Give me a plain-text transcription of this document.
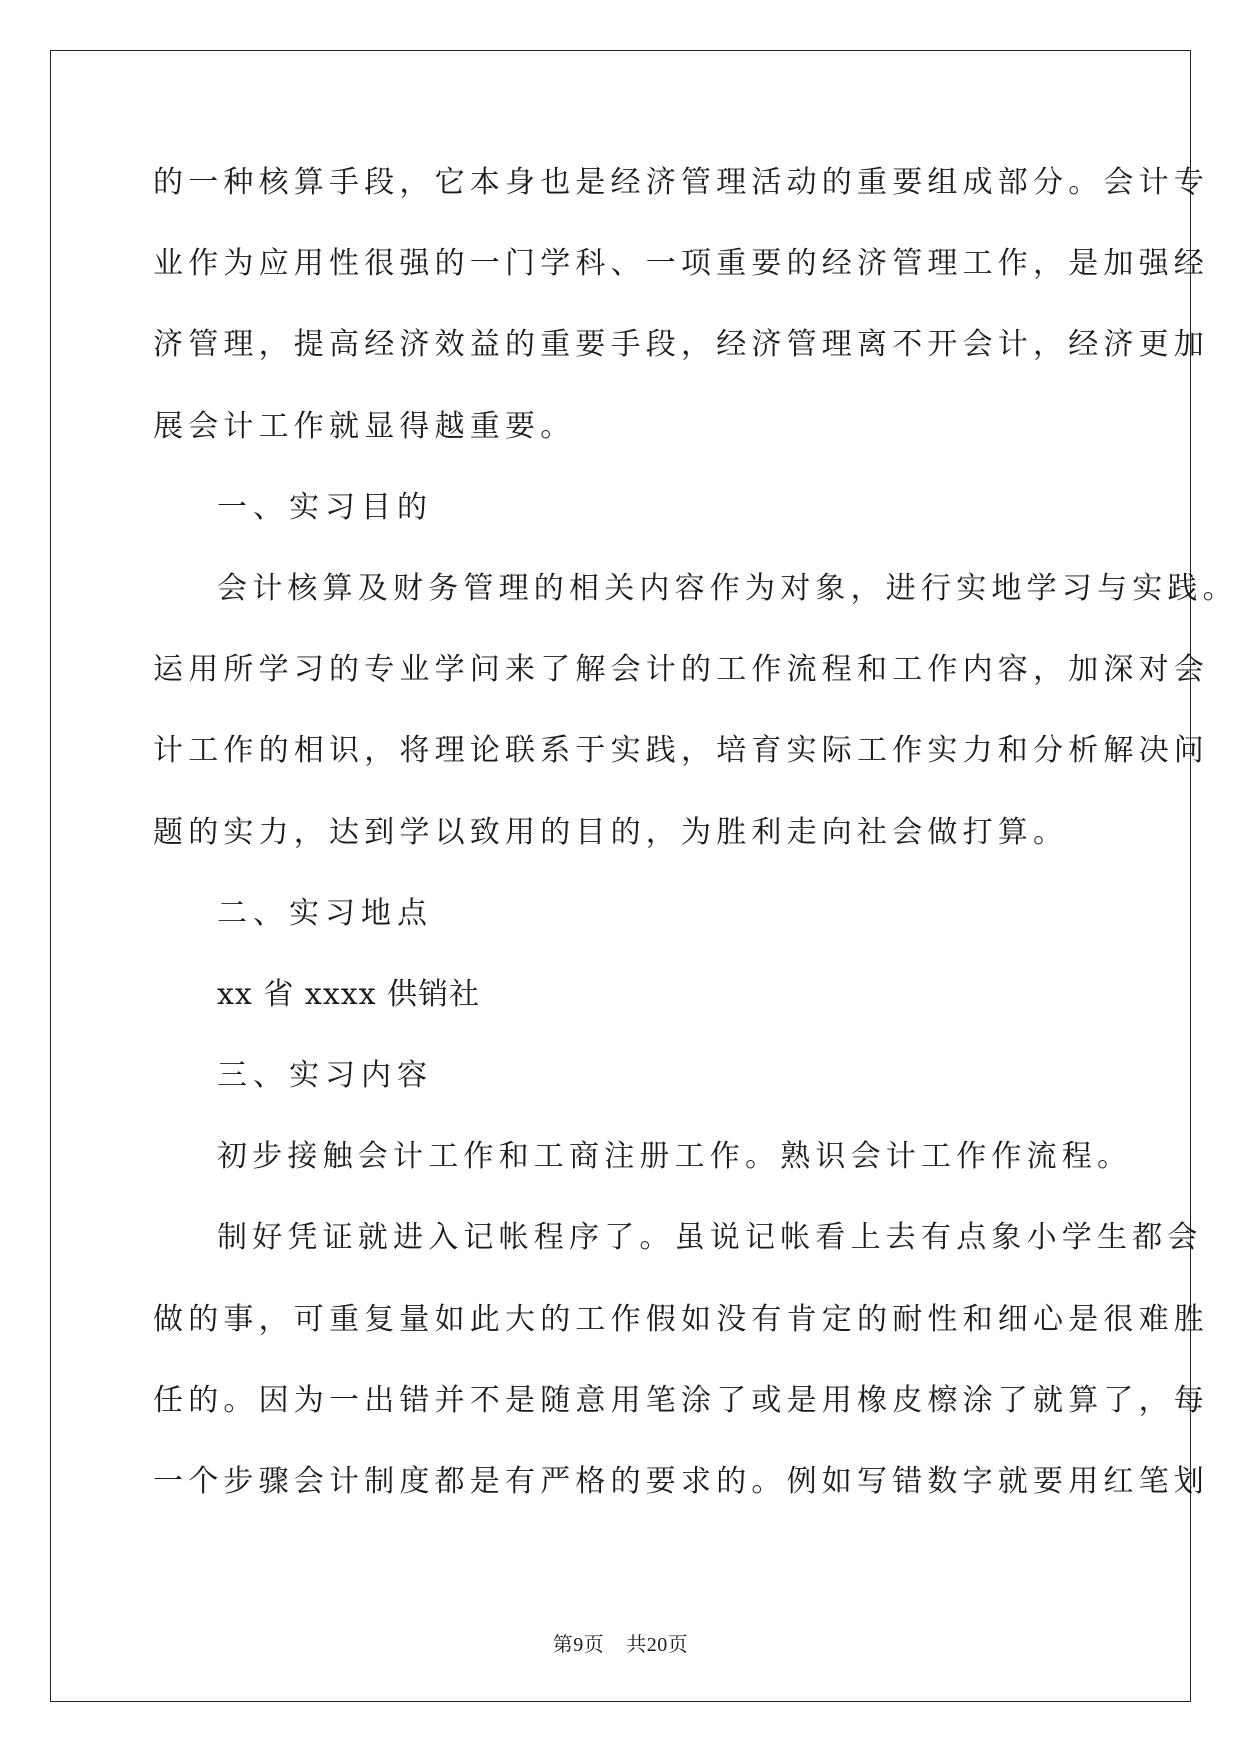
的一种核算手段，它本身也是经济管理活动的重要组成部分。会计专
业作为应用性很强的一门学科、一项重要的经济管理工作，是加强经
济管理，提高经济效益的重要手段，经济管理离不开会计，经济更加
展会计工作就显得越重要。
一、实习目的
会计核算及财务管理的相关内容作为对象，进行实地学习与实践。
运用所学习的专业学问来了解会计的工作流程和工作内容，加深对会
计工作的相识，将理论联系于实践，培育实际工作实力和分析解决问
题的实力，达到学以致用的目的，为胜利走向社会做打算。
二、实习地点
xx 省 xxxx 供销社
三、实习内容
初步接触会计工作和工商注册工作。熟识会计工作作流程。
制好凭证就进入记帐程序了。虽说记帐看上去有点象小学生都会
做的事，可重复量如此大的工作假如没有肯定的耐性和细心是很难胜
任的。因为一出错并不是随意用笔涂了或是用橡皮檫涂了就算了，每
一个步骤会计制度都是有严格的要求的。例如写错数字就要用红笔划
第9页 共20页
